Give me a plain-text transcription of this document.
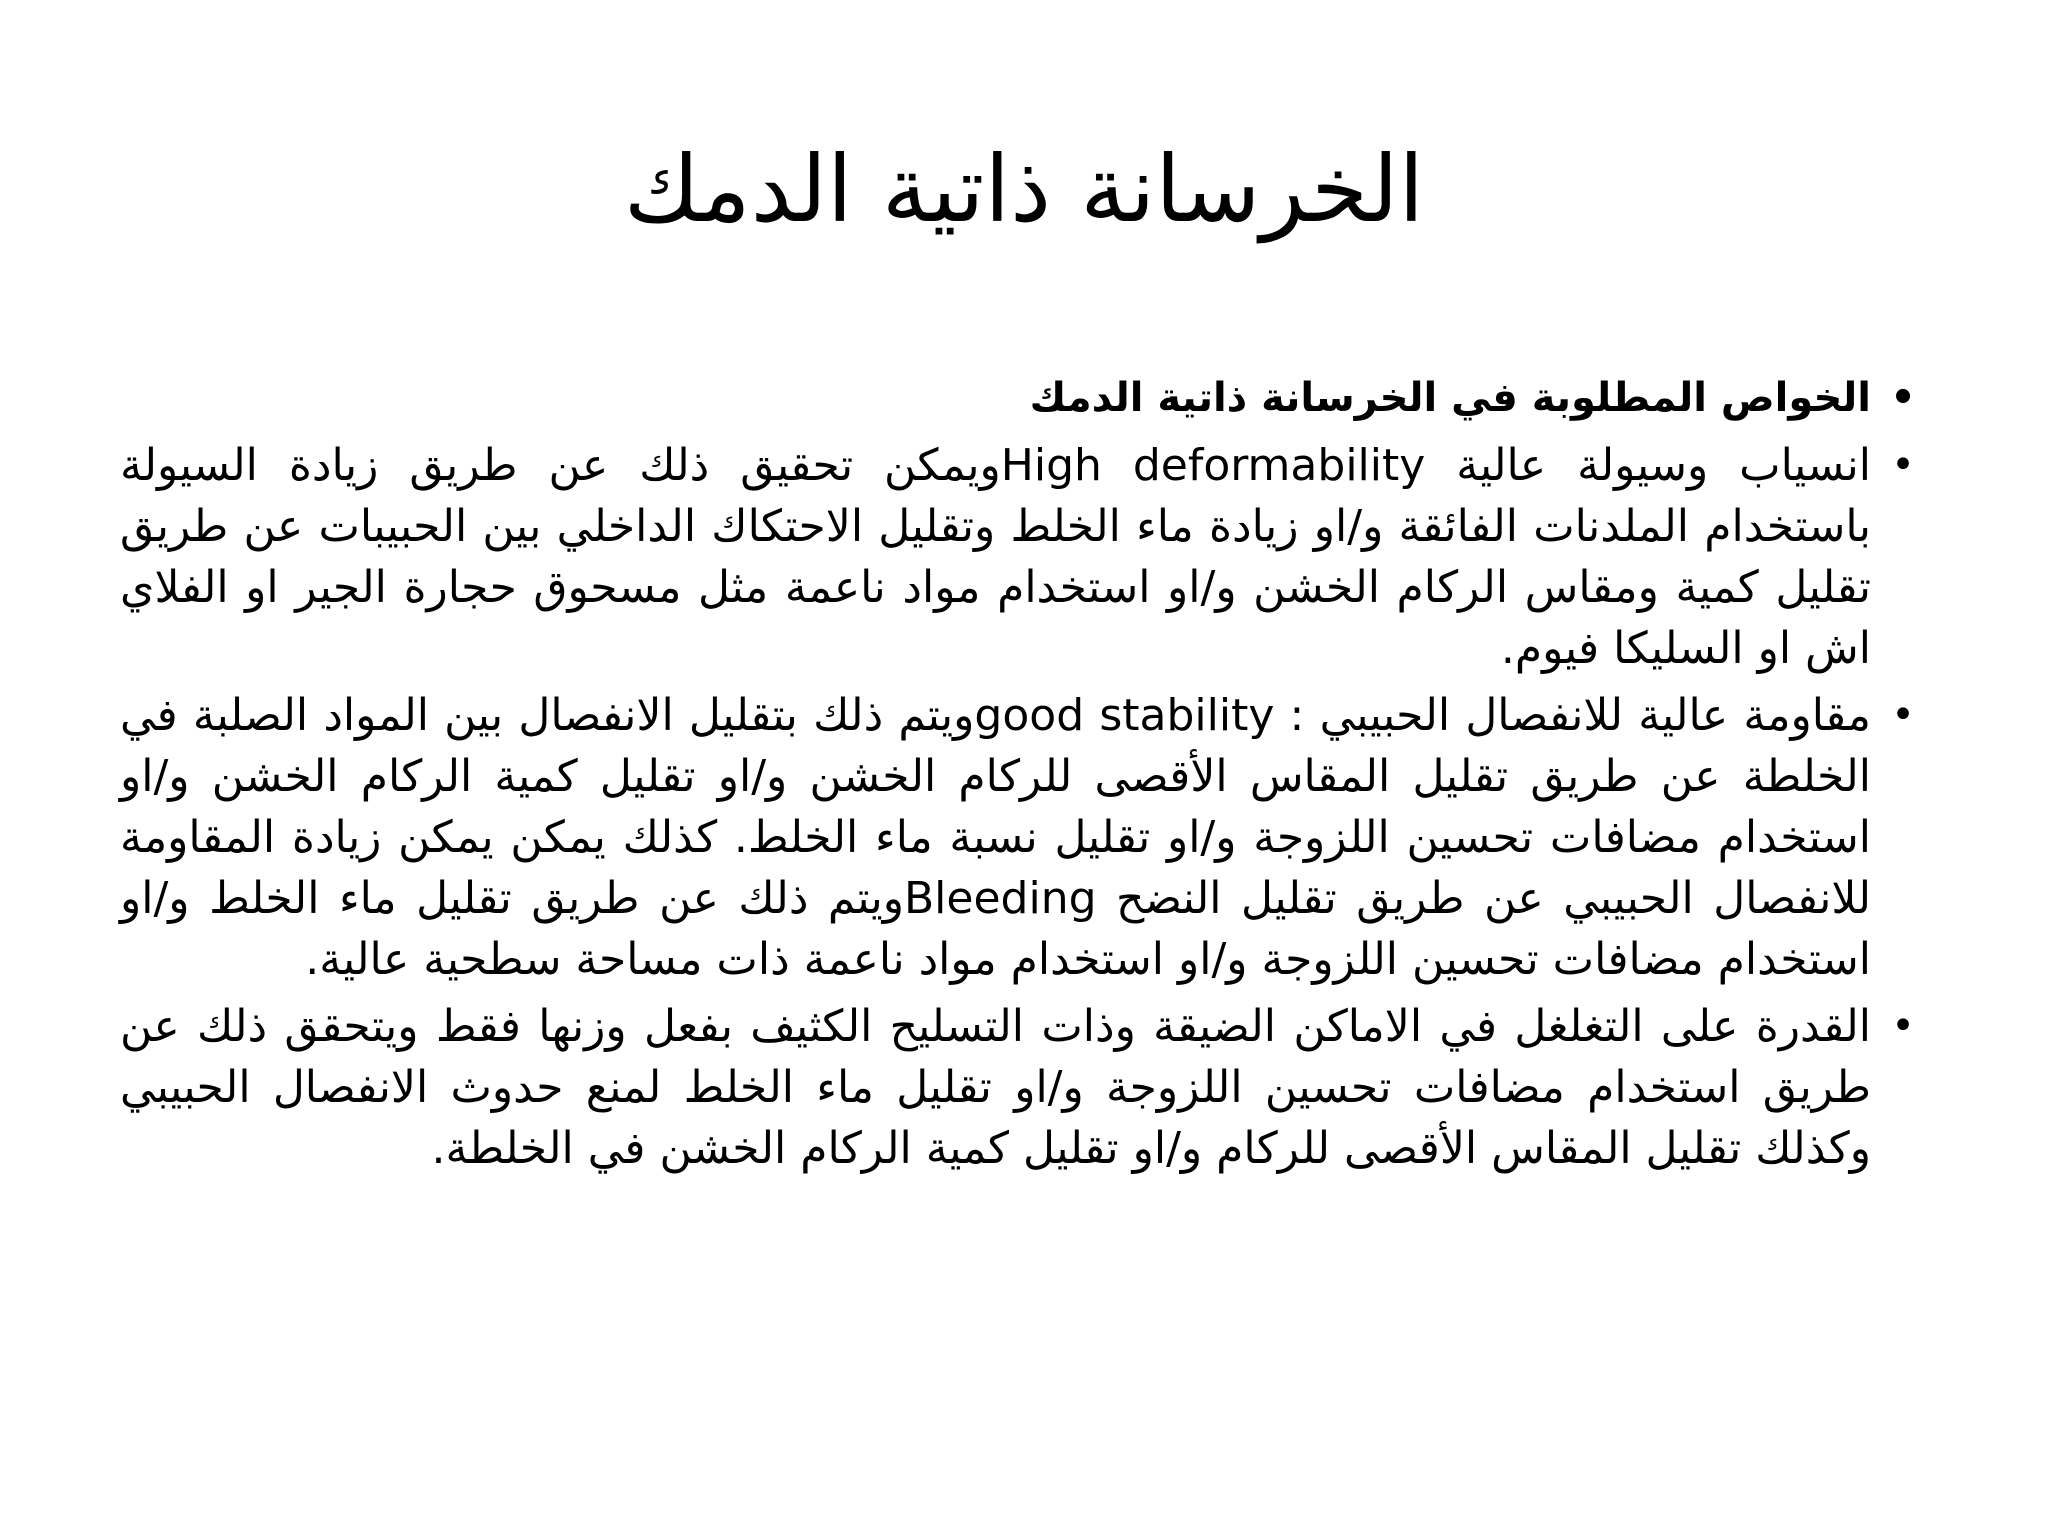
الخرسانة ذاتية الدمك
•
الخواص المطلوبة في الخرسانة ذاتية الدمك
•
انسياب وسيولة عالية High deformabilityويمكن تحقيق ذلك عن طريق زيادة السيولة باستخدام الملدنات الفائقة و/او زيادة ماء الخلط وتقليل الاحتكاك الداخلي بين الحبيبات عن طريق تقليل كمية ومقاس الركام الخشن و/او استخدام مواد ناعمة مثل مسحوق حجارة الجير او الفلاي اش او السليكا فيوم.
•
مقاومة عالية للانفصال الحبيبي : good stabilityويتم ذلك بتقليل الانفصال بين المواد الصلبة في الخلطة عن طريق تقليل المقاس الأقصى للركام الخشن و/او تقليل كمية الركام الخشن و/او استخدام مضافات تحسين اللزوجة و/او تقليل نسبة ماء الخلط. كذلك يمكن يمكن زيادة المقاومة للانفصال الحبيبي عن طريق تقليل النضح Bleedingويتم ذلك عن طريق تقليل ماء الخلط و/او استخدام مضافات تحسين اللزوجة و/او استخدام مواد ناعمة ذات مساحة سطحية عالية.
•
القدرة على التغلغل في الاماكن الضيقة وذات التسليح الكثيف بفعل وزنها فقط ويتحقق ذلك عن طريق استخدام مضافات تحسين اللزوجة و/او تقليل ماء الخلط لمنع حدوث الانفصال الحبيبي وكذلك تقليل المقاس الأقصى للركام و/او تقليل كمية الركام الخشن في الخلطة.
